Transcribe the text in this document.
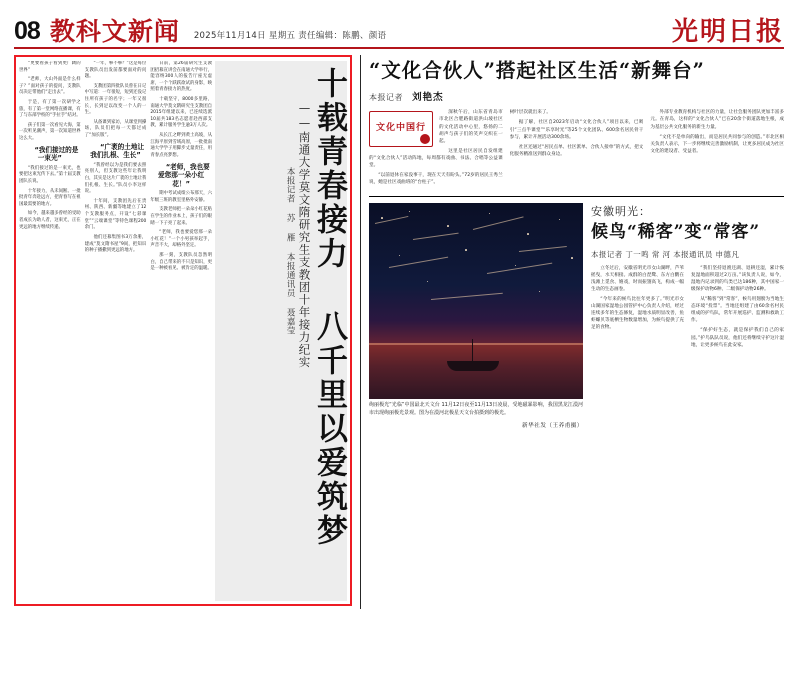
08 教科文新闻 2025年11月14日 星期五 责任编辑：陈鹏、颜语	光明日报
十载青春接力 八千里以爱筑梦
——南通大学莫文隋研究生支教团十年接力纪实
本报记者 苏 雁 本报通讯员 聂嘉莹

“更要看孩子看到更广阔的世界”

“老师，大山外面是什么样子？”面对孩子的提问，支教队员决定带他们“走出去”。

于是，有了第一次研学之旅，有了第一堂网络直播课，有了与东部学校的“手拉手”结对。

孩子们第一次看见大海，第一次听见潮声，第一次知道世界这么大。

“我们接过的是一束光”

“我们接过的是一束光，也要把这束光传下去。”第十届支教团队长说。

十年接力，从未间断。一批批青年奔赴远方，把青春写在祖国最需要的地方。

如今，越来越多曾经的受助者成长为助人者，这束光，正在更远的地方继续传递。

“一年，够不够？”这是每位支教队员出发前都要面对的问题。

支教团第四批队员曾在日记中写道：一年很短，短到还没记住所有孩子的名字；一年又很长，长到足以改变一个人的一生。

从备课到家访，从课堂到操场，队员们把每一天都过成了“加长版”。

“广袤的土地让我们扎根、生长”

“我曾经以为是我们要去照亮别人，但支教这些年让我明白，其实是这片广袤的土地让我们扎根、生长。”队员小李这样说。

十年间，支教团先后在贵州、陕西、新疆等地建立了12个支教服务点，开设“七彩课堂”“云端课堂”等特色课程200余门。

他们还募集图书3万余册，建成“莫文隋书屋”9间，把知识的种子播撒到更远的地方。

日前，第26届研究生支教团招募宣讲会在南通大学举行，能容纳300人的报告厅座无虚席，一个个跃跃欲试的身影，映照着青春接力的热度。

十载坚守，8000多里路，南通大学莫文隋研究生支教团自2015年组建以来，已连续选派10届共183名志愿者赴西部支教，累计服务学生逾3万人次。

从长江之畔到黄土高坡，从江海平原到雪域高原，一批批南通大学学子用脚步丈量责任，用青春点亮梦想。

“老师，我也要爱您那一朵小红花！”

期中考试成绩公布那天，六年级三班的教室里格外安静。

支教老师把一朵朵小红花贴在学生的作业本上，孩子们的眼睛一下子亮了起来。

“老师，我也要爱您那一朵小红花！”一个小男孩举起手，声音不大，却格外坚定。

那一刻，支教队员忽然明白，自己带来的不只是知识，更是一种被看见、被肯定的温暖。

“文化合伙人”搭起社区生活“新舞台”
本报记者 刘艳杰
文化中国行

深秋午后，山东省青岛市市北区合肥路街道洪山坡社区的文化活动中心里，悠扬的二胡声与孩子们的笑声交织在一起。

这里是社区居民自发组建的“文化合伙人”活动阵地，每周都有戏曲、书法、合唱等公益课堂。

“以前退休在家没事干，现在天天有盼头。”72岁的居民王秀兰说，她是社区戏曲班的“台柱子”。

树叶层次就出来了。

据了解，社区自2023年启动“文化合伙人”项目以来，已吸引“三点半课堂”“乐享时光”等25个文化团队、600余名居民骨干参与，累计开展活动300余场。

社区还通过“居民点单、社区派单、合伙人接单”的方式，把文化服务精准送到群众身边。

外部专业教育机构与社区的力量，让社会服务团队更加丰富多元。在青岛，这样的“文化合伙人”已在20余个街道落地生根，成为基层公共文化服务的新生力量。

“文化不是单向的输出，而是居民共同参与的创造。”市北区相关负责人表示，下一步将继续完善激励机制，让更多居民成为社区文化的建设者、受益者。

绚丽极光“光临”中国最北天文台 11月12日夜至11月13日凌晨，受地磁暴影响，我国黑龙江漠河市出现绚丽极光景观。图为在漠河北极星天文台拍摄到的极光。
新华社发（王养甫摄）
安徽明光：
候鸟“稀客”变“常客”
本报记者 丁一鸣 常 河 本报通讯员 申德凡

立冬过后，安徽省明光市女山湖畔，芦苇摇曳，水天相接。成群的白琵鹭、东方白鹳在浅滩上觅食、嬉戏，时而振翅高飞，构成一幅生动的生态画卷。

“今年来的候鸟比往年更多了。”明光市女山湖国家湿地公园管护中心负责人介绍，经过连续多年的生态修复，湿地水质明显改善，鱼虾螺贝等底栖生物数量增加，为候鸟提供了充足的食物。

“我们坚持退渔还湖、退耕还湿，累计恢复湿地面积超过2万亩。”该负责人说，如今，湿地内记录到的鸟类已达186种，其中国家一级保护动物6种、二级保护动物26种。

从“稀客”到“常客”，候鸟用翅膀为当地生态环境“投票”。当地还组建了由60余名村民组成的护鸟队，常年开展巡护、监测和救助工作。

“保护好生态，就是保护我们自己的家园。”护鸟队队员说，他们还将继续守护这片湿地，让更多候鸟在此安家。
